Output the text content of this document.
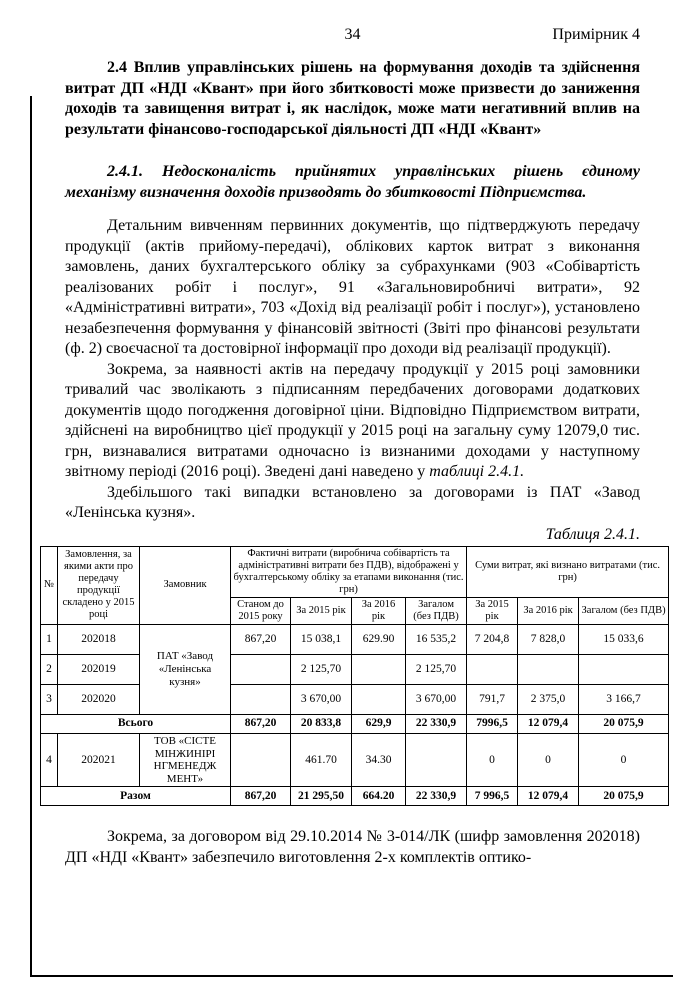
34	Примірник 4

2.4 Вплив управлінських рішень на формування доходів та здійснення витрат ДП «НДІ «Квант» при його збитковості може призвести до заниження доходів та завищення витрат і, як наслідок, може мати негативний вплив на результати фінансово-господарської діяльності ДП «НДІ «Квант»

2.4.1. Недосконалість прийнятих управлінських рішень єдиному механізму визначення доходів призводять до збитковості Підприємства.

Детальним вивченням первинних документів, що підтверджують передачу продукції (актів прийому-передачі), облікових карток витрат з виконання замовлень, даних бухгалтерського обліку за субрахунками (903 «Собівартість реалізованих робіт і послуг», 91 «Загальновиробничі витрати», 92 «Адміністративні витрати», 703 «Дохід від реалізації робіт і послуг»), установлено незабезпечення формування у фінансовій звітності (Звіті про фінансові результати (ф. 2) своєчасної та достовірної інформації про доходи від реалізації продукції).

Зокрема, за наявності актів на передачу продукції у 2015 році замовники тривалий час зволікають з підписанням передбачених договорами додаткових документів щодо погодження договірної ціни. Відповідно Підприємством витрати, здійснені на виробництво цієї продукції у 2015 році на загальну суму 12079,0 тис. грн, визнавалися витратами одночасно із визнаними доходами у наступному звітному періоді (2016 році). Зведені дані наведено у таблиці 2.4.1.

Здебільшого такі випадки встановлено за договорами із ПАТ «Завод «Ленінська кузня».

Таблиця 2.4.1.
№	Замовлення, за якими акти про передачу продукції складено у 2015 році	Замовник	Фактичні витрати (виробнича собівартість та адміністративні витрати без ПДВ), відображені у бухгалтерському обліку за етапами виконання (тис. грн)				Суми витрат, які визнано витратами (тис. грн)		
			Станом до 2015 року	За 2015 рік	За 2016 рік	Загалом (без ПДВ)	За 2015 рік	За 2016 рік	Загалом (без ПДВ)
1	202018	ПАТ «Завод «Ленінська кузня»	867,20	15 038,1	629.90	16 535,2	7 204,8	7 828,0	15 033,6
2	202019			2 125,70		2 125,70			
3	202020			3 670,00		3 670,00	791,7	2 375,0	3 166,7
Всього			867,20	20 833,8	629,9	22 330,9	7996,5	12 079,4	20 075,9
4	202021	ТОВ «СІСТЕ МІНЖИНІРІ НГМЕНЕДЖ МЕНТ»		461.70	34.30		0	0	0
Разом			867,20	21 295,50	664.20	22 330,9	7 996,5	12 079,4	20 075,9

Зокрема, за договором від 29.10.2014 № 3-014/ЛК (шифр замовлення 202018) ДП «НДІ «Квант» забезпечило виготовлення 2-х комплектів оптико-
